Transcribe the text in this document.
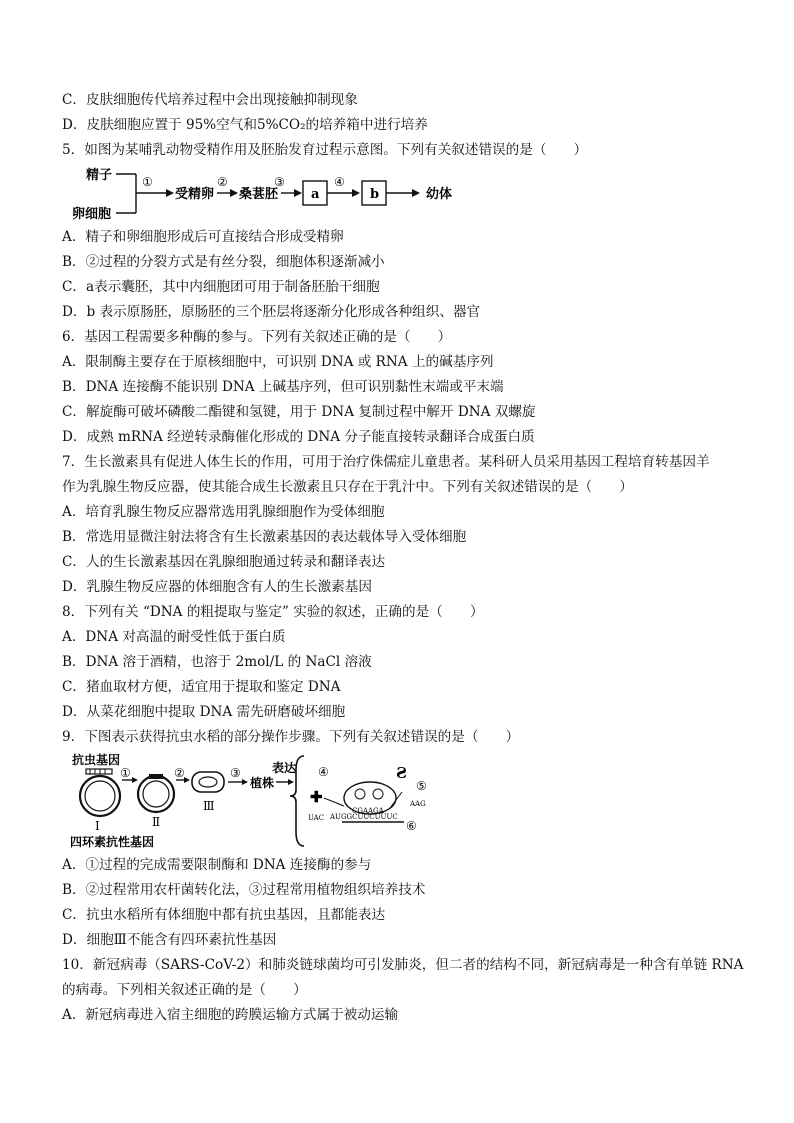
C．皮肤细胞传代培养过程中会出现接触抑制现象
D．皮肤细胞应置于 95%空气和5%CO₂的培养箱中进行培养
5．如图为某哺乳动物受精作用及胚胎发育过程示意图。下列有关叙述错误的是（　　）
精子
卵细胞
①
受精卵
②
桑葚胚
③
a
④
b	幼体
A．精子和卵细胞形成后可直接结合形成受精卵
B．②过程的分裂方式是有丝分裂，细胞体积逐渐减小
C．a表示囊胚，其中内细胞团可用于制备胚胎干细胞
D．b 表示原肠胚，原肠胚的三个胚层将逐渐分化形成各种组织、器官
6．基因工程需要多种酶的参与。下列有关叙述正确的是（　　）
A．限制酶主要存在于原核细胞中，可识别 DNA 或 RNA 上的碱基序列
B．DNA 连接酶不能识别 DNA 上碱基序列，但可识别黏性末端或平末端
C．解旋酶可破坏磷酸二酯键和氢键，用于 DNA 复制过程中解开 DNA 双螺旋
D．成熟 mRNA 经逆转录酶催化形成的 DNA 分子能直接转录翻译合成蛋白质
7．生长激素具有促进人体生长的作用，可用于治疗侏儒症儿童患者。某科研人员采用基因工程培育转基因羊
作为乳腺生物反应器，使其能合成生长激素且只存在于乳汁中。下列有关叙述错误的是（　　）
A．培育乳腺生物反应器常选用乳腺细胞作为受体细胞
B．常选用显微注射法将含有生长激素基因的表达载体导入受体细胞
C．人的生长激素基因在乳腺细胞通过转录和翻译表达
D．乳腺生物反应器的体细胞含有人的生长激素基因
8．下列有关 “DNA 的粗提取与鉴定” 实验的叙述，正确的是（　　）
A．DNA 对高温的耐受性低于蛋白质
B．DNA 溶于酒精，也溶于 2mol/L 的 NaCl 溶液
C．猪血取材方便，适宜用于提取和鉴定 DNA
D．从菜花细胞中提取 DNA 需先研磨破坏细胞
9．下图表示获得抗虫水稻的部分操作步骤。下列有关叙述错误的是（　　）
抗虫基因
Ⅰ
四环素抗性基因
①
Ⅱ
②
Ⅲ
③
植株
表达 ④
✚
UAC
CGAAGA
AUGGCUUCUUUC
⑥
Ƨ
⑤
AAG
A．①过程的完成需要限制酶和 DNA 连接酶的参与
B．②过程常用农杆菌转化法，③过程常用植物组织培养技术
C．抗虫水稻所有体细胞中都有抗虫基因，且都能表达
D．细胞Ⅲ不能含有四环素抗性基因
10．新冠病毒（SARS-CoV-2）和肺炎链球菌均可引发肺炎，但二者的结构不同，新冠病毒是一种含有单链 RNA
的病毒。下列相关叙述正确的是（　　）
A．新冠病毒进入宿主细胞的跨膜运输方式属于被动运输
